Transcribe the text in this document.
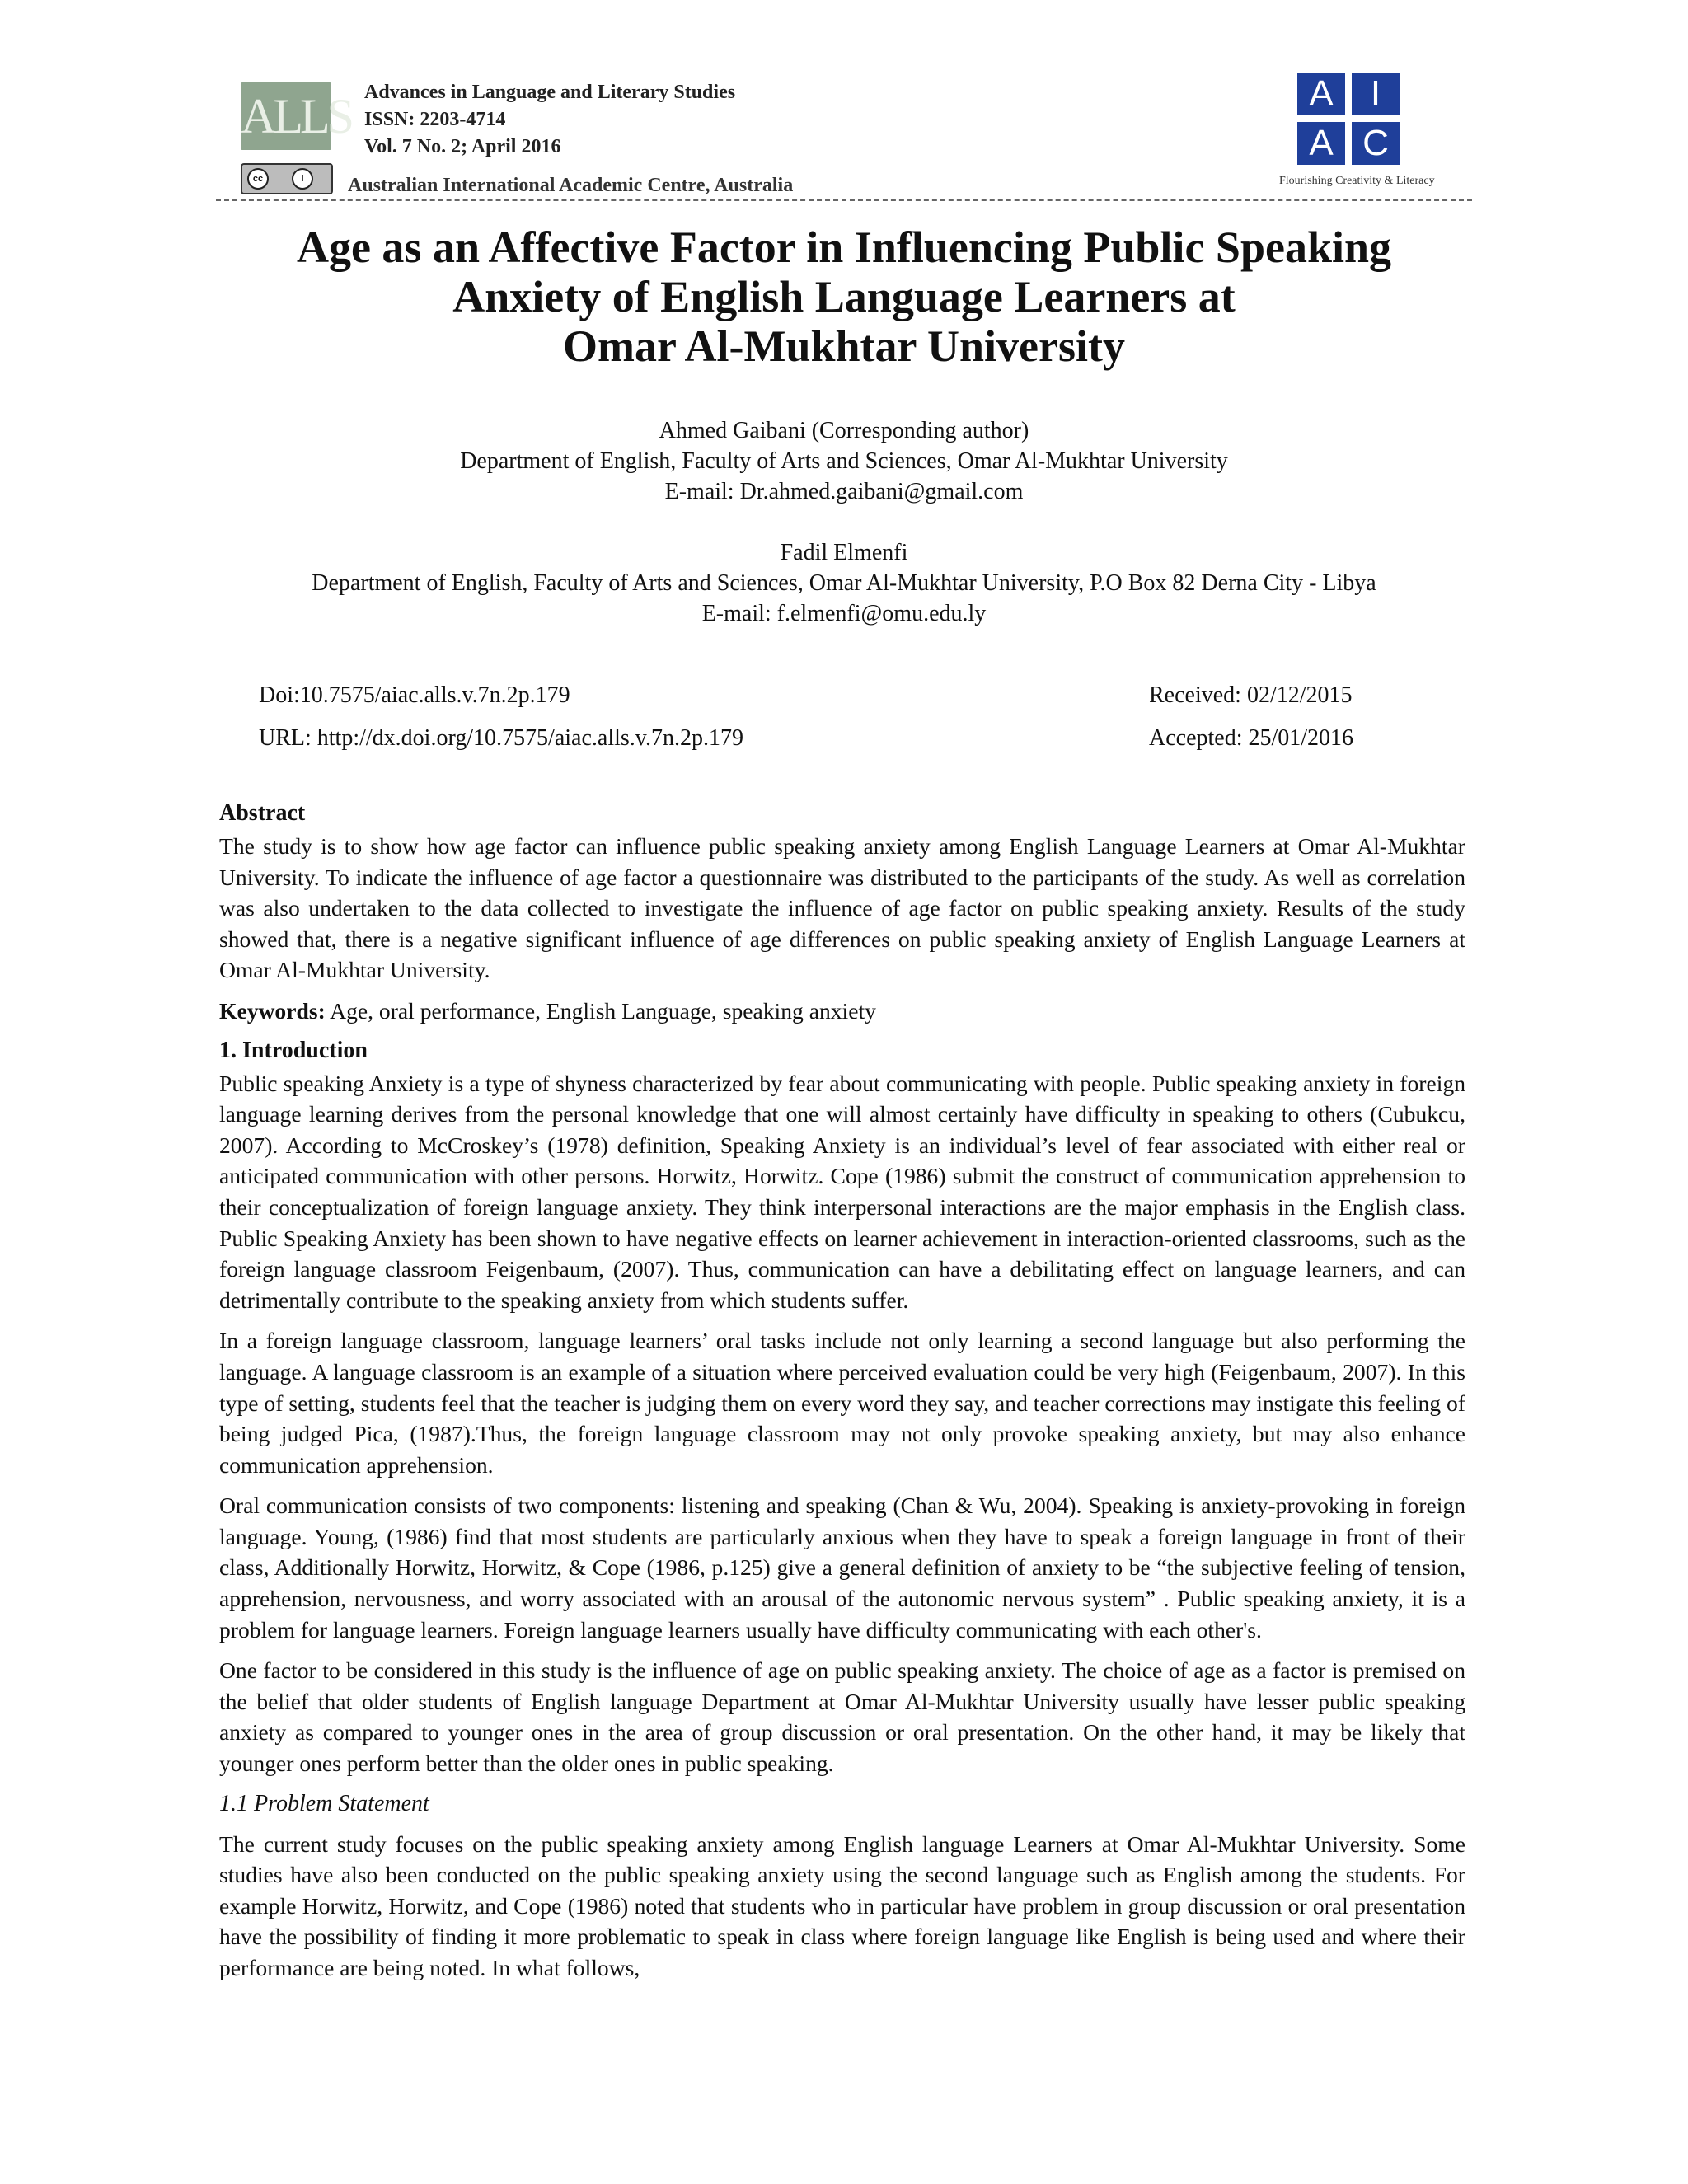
ALLS Advances in Language and Literary Studies
ISSN: 2203-4714
Vol. 7 No. 2; April 2016
cc	i	Australian International Academic Centre, Australia
A	I
A C
Flourishing Creativity & Literacy
Age as an Affective Factor in Influencing Public Speaking
Anxiety of English Language Learners at
Omar Al-Mukhtar University
Ahmed Gaibani (Corresponding author)
Department of English, Faculty of Arts and Sciences, Omar Al-Mukhtar University
E-mail: Dr.ahmed.gaibani@gmail.com
Fadil Elmenfi
Department of English, Faculty of Arts and Sciences, Omar Al-Mukhtar University, P.O Box 82 Derna City - Libya
E-mail: f.elmenfi@omu.edu.ly
Doi:10.7575/aiac.alls.v.7n.2p.179
URL: http://dx.doi.org/10.7575/aiac.alls.v.7n.2p.179
Received: 02/12/2015
Accepted: 25/01/2016
Abstract

The study is to show how age factor can influence public speaking anxiety among English Language Learners at Omar Al-Mukhtar University. To indicate the influence of age factor a questionnaire was distributed to the participants of the study. As well as correlation was also undertaken to the data collected to investigate the influence of age factor on public speaking anxiety. Results of the study showed that, there is a negative significant influence of age differences on public speaking anxiety of English Language Learners at Omar Al-Mukhtar University.

Keywords: Age, oral performance, English Language, speaking anxiety

1. Introduction

Public speaking Anxiety is a type of shyness characterized by fear about communicating with people. Public speaking anxiety in foreign language learning derives from the personal knowledge that one will almost certainly have difficulty in speaking to others (Cubukcu, 2007). According to McCroskey’s (1978) definition, Speaking Anxiety is an individual’s level of fear associated with either real or anticipated communication with other persons. Horwitz, Horwitz. Cope (1986) submit the construct of communication apprehension to their conceptualization of foreign language anxiety. They think interpersonal interactions are the major emphasis in the English class. Public Speaking Anxiety has been shown to have negative effects on learner achievement in interaction-oriented classrooms, such as the foreign language classroom Feigenbaum, (2007). Thus, communication can have a debilitating effect on language learners, and can detrimentally contribute to the speaking anxiety from which students suffer.

In a foreign language classroom, language learners’ oral tasks include not only learning a second language but also performing the language. A language classroom is an example of a situation where perceived evaluation could be very high (Feigenbaum, 2007). In this type of setting, students feel that the teacher is judging them on every word they say, and teacher corrections may instigate this feeling of being judged Pica, (1987).Thus, the foreign language classroom may not only provoke speaking anxiety, but may also enhance communication apprehension.

Oral communication consists of two components: listening and speaking (Chan & Wu, 2004). Speaking is anxiety-provoking in foreign language. Young, (1986) find that most students are particularly anxious when they have to speak a foreign language in front of their class, Additionally Horwitz, Horwitz, & Cope (1986, p.125) give a general definition of anxiety to be “the subjective feeling of tension, apprehension, nervousness, and worry associated with an arousal of the autonomic nervous system” . Public speaking anxiety, it is a problem for language learners. Foreign language learners usually have difficulty communicating with each other's.

One factor to be considered in this study is the influence of age on public speaking anxiety. The choice of age as a factor is premised on the belief that older students of English language Department at Omar Al-Mukhtar University usually have lesser public speaking anxiety as compared to younger ones in the area of group discussion or oral presentation. On the other hand, it may be likely that younger ones perform better than the older ones in public speaking.

1.1 Problem Statement

The current study focuses on the public speaking anxiety among English language Learners at Omar Al-Mukhtar University. Some studies have also been conducted on the public speaking anxiety using the second language such as English among the students. For example Horwitz, Horwitz, and Cope (1986) noted that students who in particular have problem in group discussion or oral presentation have the possibility of finding it more problematic to speak in class where foreign language like English is being used and where their performance are being noted. In what follows,
